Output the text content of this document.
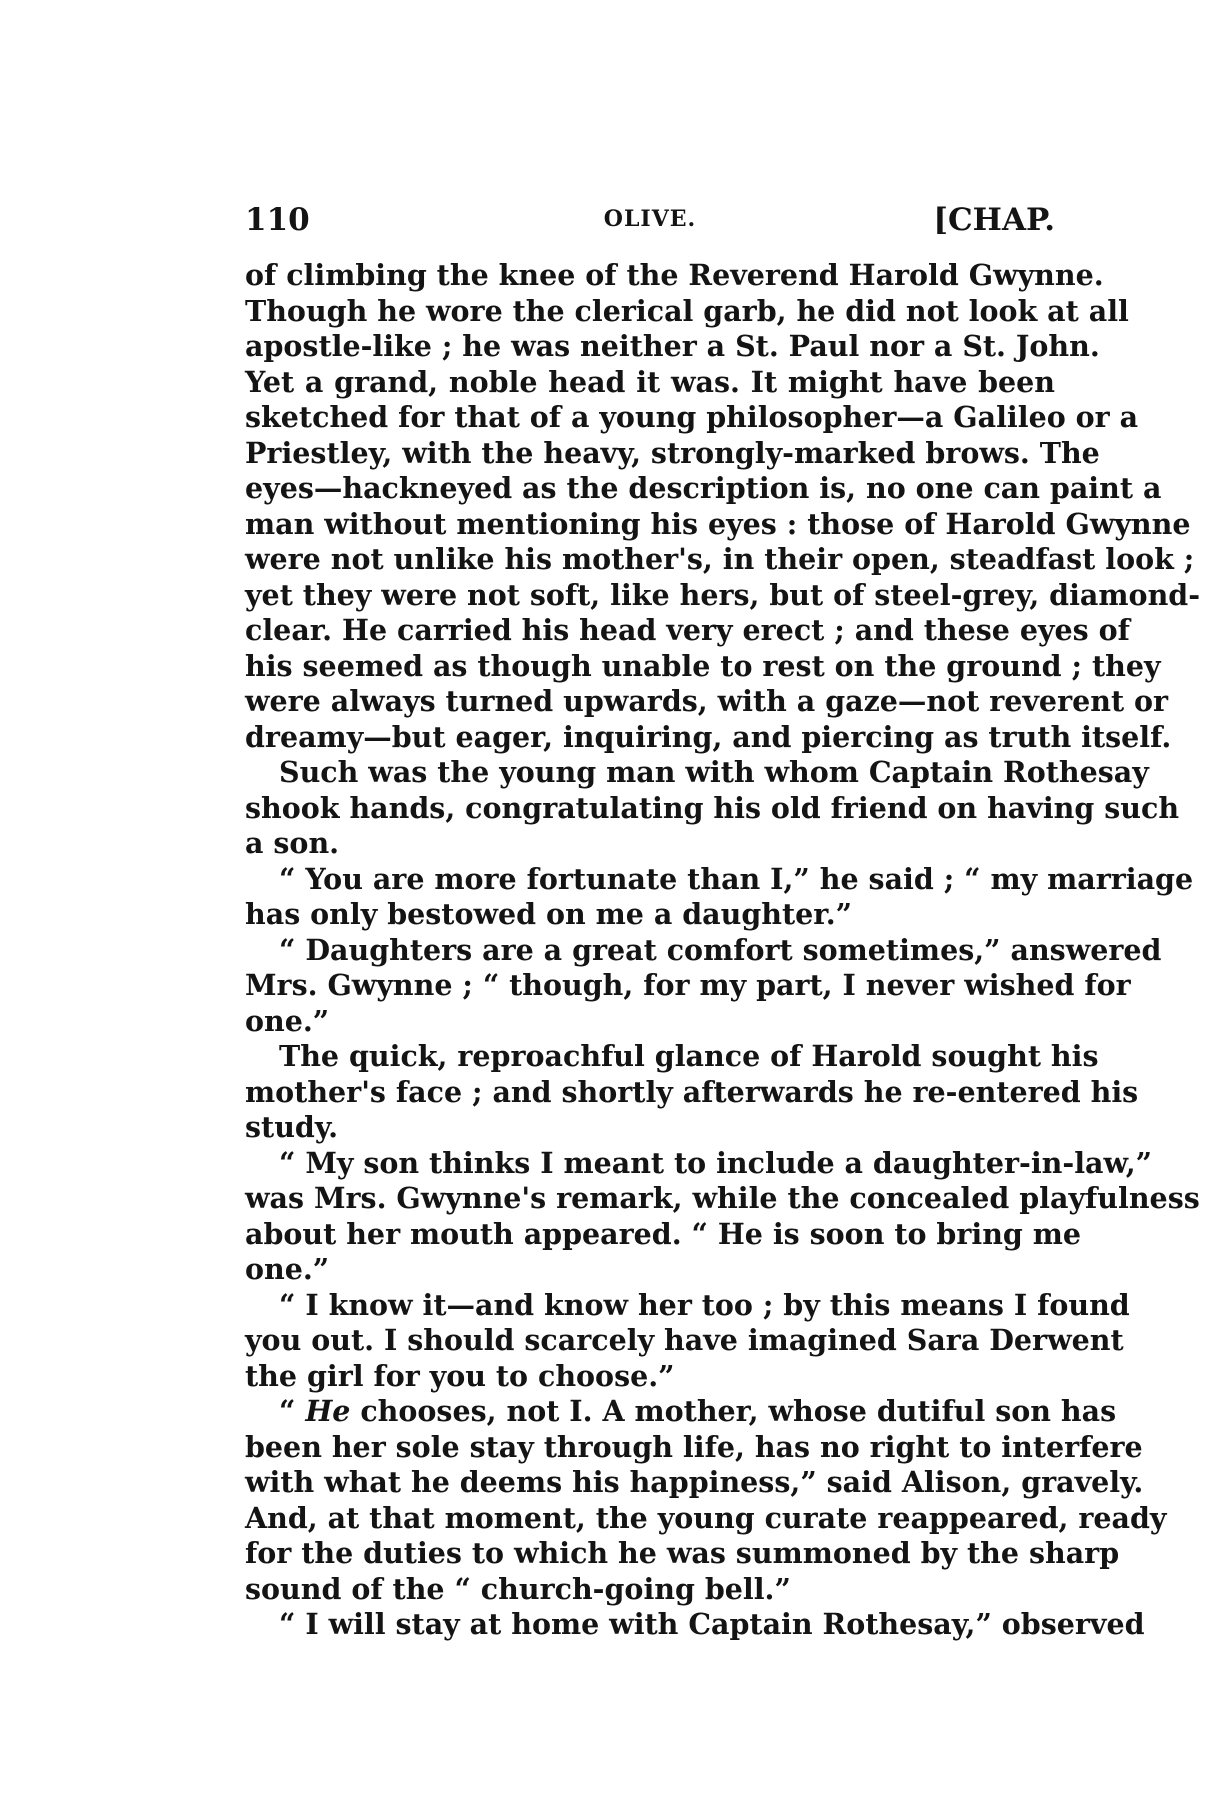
110	OLIVE.	[CHAP.
of climbing the knee of the Reverend Harold Gwynne.
Though he wore the clerical garb, he did not look at all
apostle-like ; he was neither a St. Paul nor a St. John.
Yet a grand, noble head it was. It might have been
sketched for that of a young philosopher—a Galileo or a
Priestley, with the heavy, strongly-marked brows. The
eyes—hackneyed as the description is, no one can paint a
man without mentioning his eyes : those of Harold Gwynne
were not unlike his mother's, in their open, steadfast look ;
yet they were not soft, like hers, but of steel-grey, diamond-
clear. He carried his head very erect ; and these eyes of
his seemed as though unable to rest on the ground ; they
were always turned upwards, with a gaze—not reverent or
dreamy—but eager, inquiring, and piercing as truth itself.
Such was the young man with whom Captain Rothesay
shook hands, congratulating his old friend on having such
a son.
“ You are more fortunate than I,” he said ; “ my marriage
has only bestowed on me a daughter.”
“ Daughters are a great comfort sometimes,” answered
Mrs. Gwynne ; “ though, for my part, I never wished for
one.”
The quick, reproachful glance of Harold sought his
mother's face ; and shortly afterwards he re-entered his
study.
“ My son thinks I meant to include a daughter-in-law,”
was Mrs. Gwynne's remark, while the concealed playfulness
about her mouth appeared. “ He is soon to bring me
one.”
“ I know it—and know her too ; by this means I found
you out. I should scarcely have imagined Sara Derwent
the girl for you to choose.”
“ He chooses, not I. A mother, whose dutiful son has
been her sole stay through life, has no right to interfere
with what he deems his happiness,” said Alison, gravely.
And, at that moment, the young curate reappeared, ready
for the duties to which he was summoned by the sharp
sound of the “ church-going bell.”
“ I will stay at home with Captain Rothesay,” observed
